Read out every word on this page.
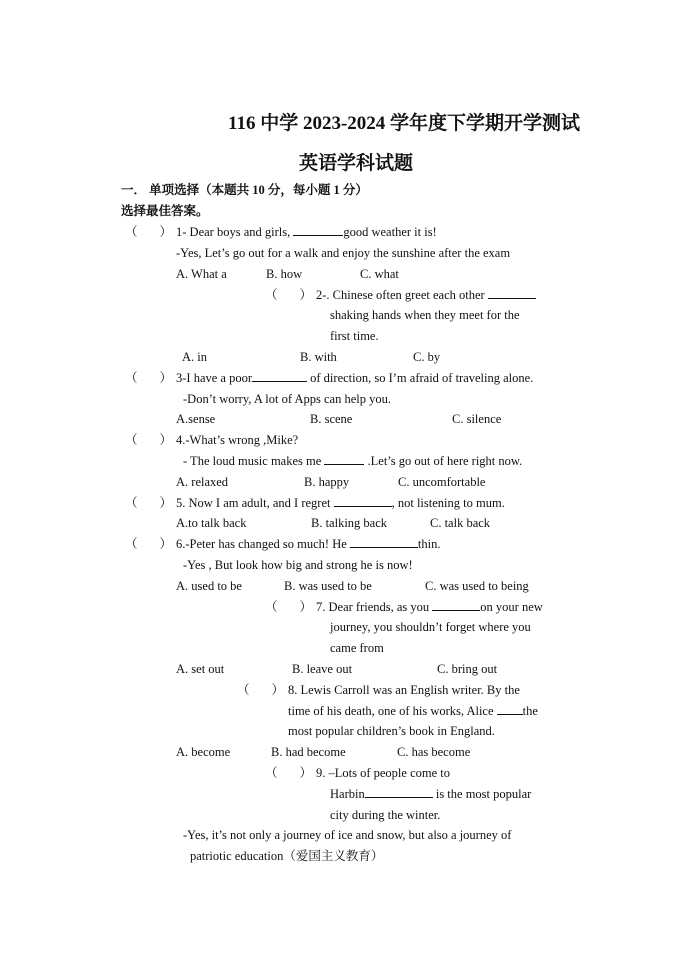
116 中学 2023-2024 学年度下学期开学测试
英语学科试题
一． 单项选择（本题共 10 分，每小题 1 分）
选择最佳答案。
（ ） 1- Dear boys and girls,	good weather it is!
-Yes, Let’s go out for a walk and enjoy the sunshine after the exam
A. What a	B. how	C. what
（ ） 2-. Chinese often greet each other
shaking hands when they meet for the
first time.
A. in	B. with	C. by
（ ） 3-I have a poor	of direction, so I’m afraid of traveling alone.
-Don’t worry, A lot of Apps can help you.
A.sense	B. scene	C. silence
（ ） 4.-What’s wrong ,Mike?
- The loud music makes me	.Let’s go out of here right now.
A. relaxed	B. happy	C. uncomfortable
（ ） 5. Now I am adult, and I regret	, not listening to mum.
A.to talk back	B. talking back	C. talk back
（ ） 6.-Peter has changed so much! He	thin.
-Yes , But look how big and strong he is now!
A. used to be	B. was used to be	C. was used to being
（ ） 7. Dear friends, as you	on your new
journey, you shouldn’t forget where you
came from
A. set out	B. leave out	C. bring out
（ ） 8. Lewis Carroll was an English writer. By the
time of his death, one of his works, Alice the
most popular children’s book in England.
A. become	B. had become	C. has become
（ ） 9. –Lots of people come to
Harbin	is the most popular
city during the winter.
-Yes, it’s not only a journey of ice and snow, but also a journey of
patriotic education（爱国主义教育）
